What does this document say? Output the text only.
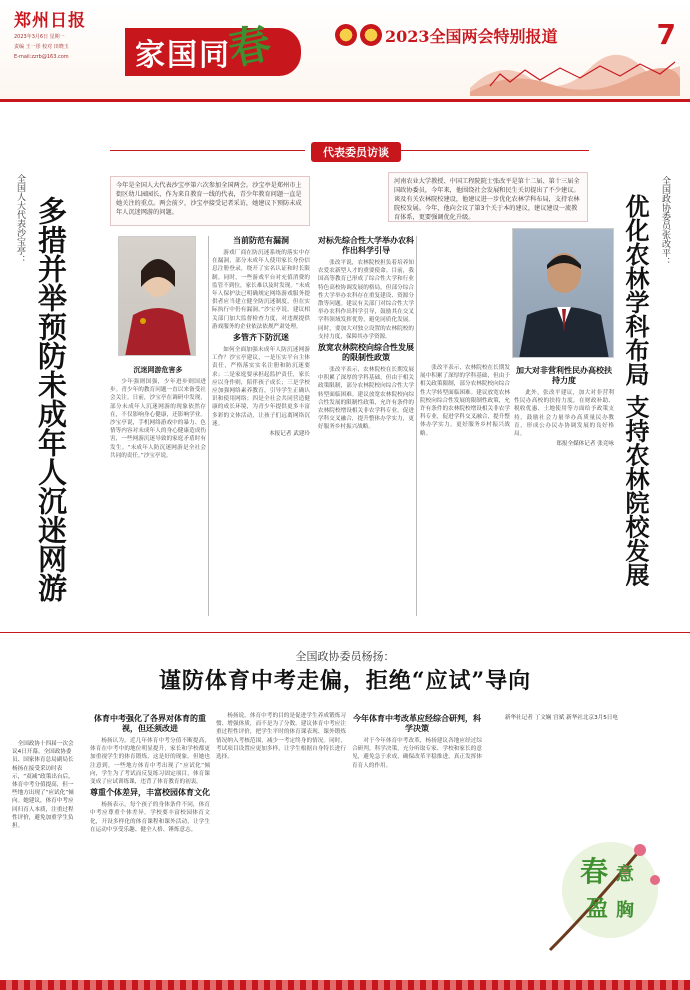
郑州日报
2023年3月6日 星期一
责编 王一彤 校对 田晓玉
E-mail:zzrb@163.com	家国同
春	2023全国两会特别报道	7
代表委员访谈
全国人大代表沙宝亭： 多措并举预防未成年人沉迷网游
今年是全国人大代表沙宝亭第六次参加全国两会。沙宝亭是郑州市上街区幼儿园园长，作为来自教育一线的代表，青少年教育问题一直是她关注的重点。两会前夕，沙宝亭接受记者采访，她建议下预防未成年人沉迷网游的问题。
沉迷网游危害多

少年强则国强，少年进步则国进步。青少年的教育问题一直以来备受社会关注。日前，沙宝亭在调研中发现，部分未成年人沉迷网游的现象依然存在，不仅影响身心健康，还影响学业。沙宝亭说，手机网络游戏中的暴力、色情等内容对未成年人的身心健康造成伤害，一些网游沉迷导致的家庭矛盾时有发生。“未成年人防沉迷网游是全社会共同的责任。”沙宝亭说。

当前防范有漏洞

游戏厂商在防沉迷系统的落实中存在漏洞，部分未成年人使用家长身份信息注册登录，绕开了实名认证和时长限制。同时，一些游戏平台对充值消费的监管不到位，家长难以及时发现。“未成年人保护法已明确规定网络游戏服务提供者应当建立健全防沉迷制度，但在实际执行中仍有漏洞。”沙宝亭说。建议相关部门加大监督检查力度，对违规提供游戏服务的企业依法依规严肃处理。

多管齐下防沉迷

如何全面加强未成年人防沉迷网游工作？沙宝亭建议，一是压实平台主体责任，严格落实实名注册和防沉迷要求；二是家庭要承担起监护责任，家长应以身作则，陪伴孩子成长；三是学校应加强网络素养教育，引导学生正确认识和使用网络；四是全社会共同营造健康的成长环境，为青少年提供更多丰富多彩的文体活动，让孩子们远离网络沉迷。

本报记者 武建玲
河南农业大学教授、中国工程院院士张改平是第十二届、第十三届全国政协委员，今年来，他围绕社会发展和民生关切提出了不少建议。谈及有关农林院校建设，他建议进一步优化农林学科布局，支持农林院校发展。今年，他向会议了第3个关于本的建议，建议建设一流教育体系，更要强调优化升级。	全国政协委员张改平：
优化农林学科布局 支持农林院校发展
对标先综合性大学举办农科作出科学引导

张改平说，农林院校担负着培养知农爱农新型人才的重要使命。目前，我国高等教育已形成了综合性大学和行业特色高校协调发展的格局，但部分综合性大学举办农科存在重复建设、资源分散等问题。建议有关部门对综合性大学举办农科作出科学引导，鼓励其在交叉学科领域发挥优势，避免同质化发展。同时，要加大对独立设置的农林院校的支持力度，保障其办学资源。

放宽农林院校向综合性发展的限制性政策

张改平表示，农林院校在长期发展中积累了深厚的学科基础，但由于相关政策限制，部分农林院校向综合性大学转型面临困难。建议放宽农林院校向综合性发展的限制性政策，允许有条件的农林院校增设相关非农学科专业，促进学科交叉融合，提升整体办学实力，更好服务乡村振兴战略。

张改平表示，农林院校在长期发展中积累了深厚的学科基础，但由于相关政策限制，部分农林院校向综合性大学转型面临困难。建议放宽农林院校向综合性发展的限制性政策，允许有条件的农林院校增设相关非农学科专业，促进学科交叉融合，提升整体办学实力，更好服务乡村振兴战略。

加大对非营利性民办高校扶持力度

此外，张改平建议，加大对非营利性民办高校的扶持力度，在财政补助、税收优惠、土地使用等方面给予政策支持，鼓励社会力量举办高质量民办教育，形成公办民办协调发展的良好格局。

郑报全媒体记者 张竞咏
全国政协委员杨扬：
谨防体育中考走偏，拒绝“应试”导向

全国政协十四届一次会议4日开幕。全国政协委员、国家体育总局副局长杨扬在接受采访时表示，“双减”政策出台后，体育中考分值提高，但一些地方出现了“应试化”倾向。她建议，体育中考应回归育人本质，注重过程性评价，避免加重学生负担。

体育中考强化了各界对体育的重视，但还须改进

杨扬认为，近几年体育中考分值不断提高，体育在中考中的地位明显提升，家长和学校都更加重视学生的体育锻炼，这是好的现象。但她也注意到，一些地方体育中考出现了“应试化”倾向，学生为了考试而反复练习固定项目，体育课变成了应试训练课，违背了体育教育的初衷。

尊重个体差异，丰富校园体育文化

杨扬表示，每个孩子的身体条件不同，体育中考应尊重个体差异。学校要丰富校园体育文化，开设多样化的体育课程和课外活动，让学生在运动中享受乐趣、健全人格、锤炼意志。

杨扬说，体育中考的目的是促进学生养成锻炼习惯、增强体质，而不是为了分数。建议体育中考应注重过程性评价，把学生平时的体育课表现、课外锻炼情况纳入考核范围，减少一考定终身的情况。同时，考试项目设置应更加多样，让学生根据自身特长进行选择。

今年体育中考改革应经综合研判，科学决策

对于今年体育中考改革，杨扬建议各地应经过综合研判，科学决策，充分听取专家、学校和家长的意见，避免急于求成，确保改革平稳推进，真正发挥体育育人的作用。

新华社记者 丁文娴 宫斌 新华社北京3月5日电
春 意
盈 胸
